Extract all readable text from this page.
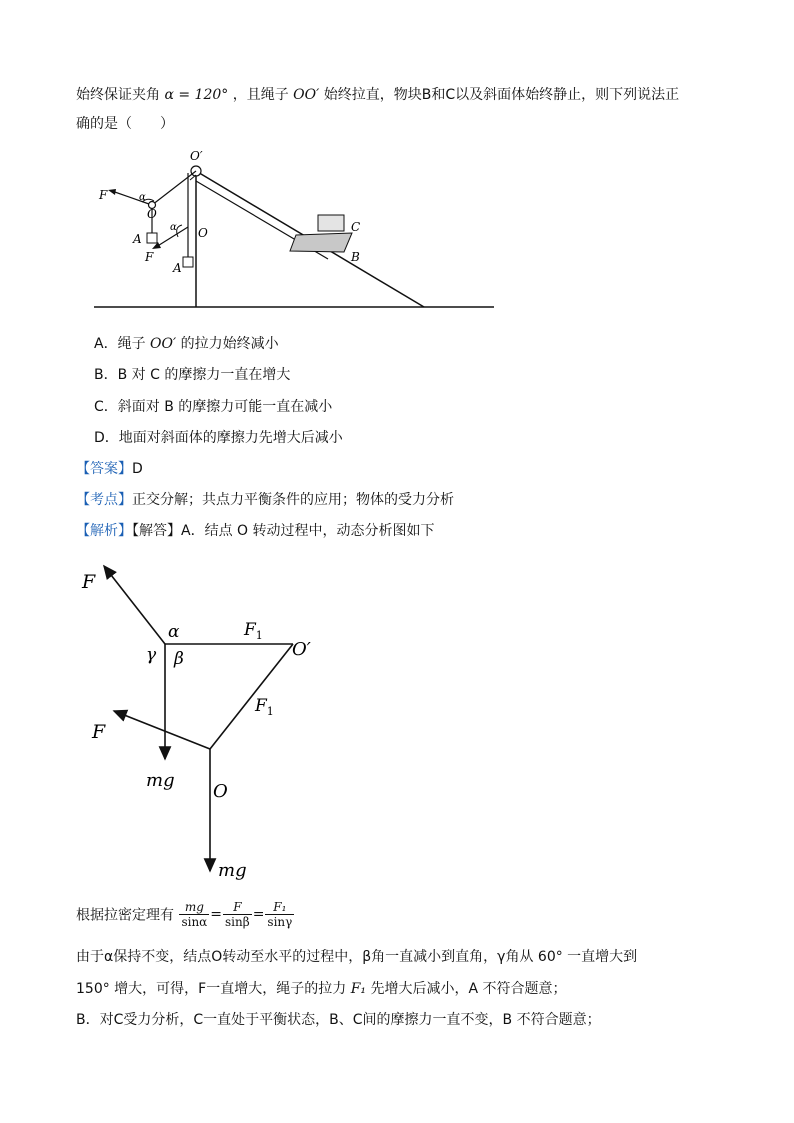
始终保证夹角 α = 120° ，且绳子 OO′ 始终拉直，物块B和C以及斜面体始终静止，则下列说法正
确的是（　　）
O′
F	α
O
A
α O
F
A
C
B
A．绳子 OO′ 的拉力始终减小
B．B 对 C 的摩擦力一直在增大
C．斜面对 B 的摩擦力可能一直在减小
D．地面对斜面体的摩擦力先增大后减小
【答案】D
【考点】正交分解；共点力平衡条件的应用；物体的受力分析
【解析】【解答】A．结点 O 转动过程中，动态分析图如下
F
α	$F_1$
O′
γ β
$F_1$
F
mg
O
mg
根据拉密定理有 $\frac{mg}{\sin\alpha} = \frac{F}{\sin\beta} = \frac{\text{F₁}}{\sin\gamma}$
由于α保持不变，结点O转动至水平的过程中，β角一直减小到直角，γ角从 60° 一直增大到
150° 增大，可得，F一直增大，绳子的拉力 F₁ 先增大后减小，A 不符合题意；
B．对C受力分析，C一直处于平衡状态，B、C间的摩擦力一直不变，B 不符合题意；
